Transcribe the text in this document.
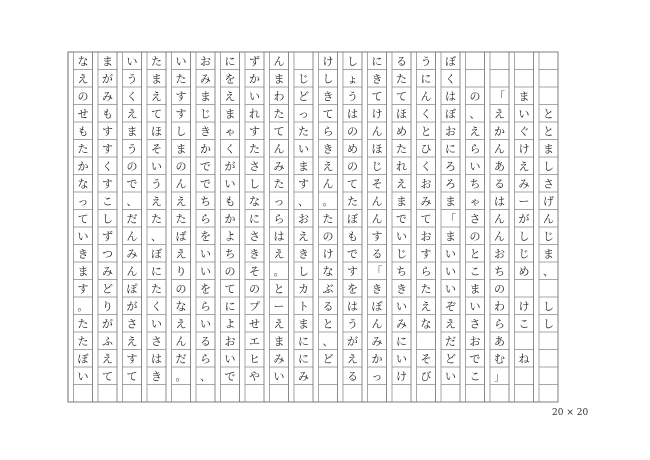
な
え
の
せ
も
た
か
な
っ
て
い
き
ま
す
。
た
た
ぼ
い
ま
が
み
も
す
す
く
す
こ
し
ず
つ
み
ど
り
が
ふ
え
て
い
う
く
え
ま
う
の
で
、
だ
ん
み
ん
ぽ
が
さ
え
す
て
た
ま
え
て
ほ
そ
い
う
え
た
、
ぼ
に
た
く
い
さ
は
き
い
た
す
す
し
ま
の
ん
え
た
ば
え
り
の
な
え
ん
だ
。
お
み
ま
じ
き
か
で
で
ち
ら
を
い
い
を
ら
い
る
ら
、
に
を
え
ま
ゃ
く
が
い
も
か
よ
ち
の
て
に
よ
お
い
で
ず
か
い
れ
す
た
さ
し
な
に
さ
き
そ
の
プ
せ
エ
ヒ
や
ん
ま
わ
た
て
ん
み
た
っ
ら
は
え
。
と
ー
え
ま
み
い
じ
ど
っ
た
い
ま
す
、
お
え
き
し
カ
ト
ま
に
に
み
け
し
き
て
ら
き
え
ん
。
た
の
け
な
ぶ
る
と
、
ど
し
ょ
う
は
の
め
の
て
た
ぼ
も
で
す
を
は
う
が
え
る
に
き
て
け
ん
ほ
じ
そ
ん
ん
す
る
「
き
ぼ
ん
み
か
っ
る
た
て
ほ
め
た
れ
え
ま
で
い
じ
ち
き
い
み
に
い
け
う
に
ん
く
と
ひ
く
お
み
て
お
す
ら
た
え
な
そ
び
ぼ
く
は
ぼ
お
に
ろ
ろ
ま
「
ま
い
い
い
ぞ
え
だ
ど
い
の
、
え
ら
い
ち
ゃ
さ
の
と
こ
ま
い
さ
お
で
こ
「
え
か
ん
あ
る
は
ん
ん
お
ち
の
わ
ら
あ
む
」
ま
い
ぐ
け
え
み
ー
が
し
じ
め
け
こ
ね
と
と
ま
し
さ
げ
ん
じ
ま
、
し
し
20 × 20
